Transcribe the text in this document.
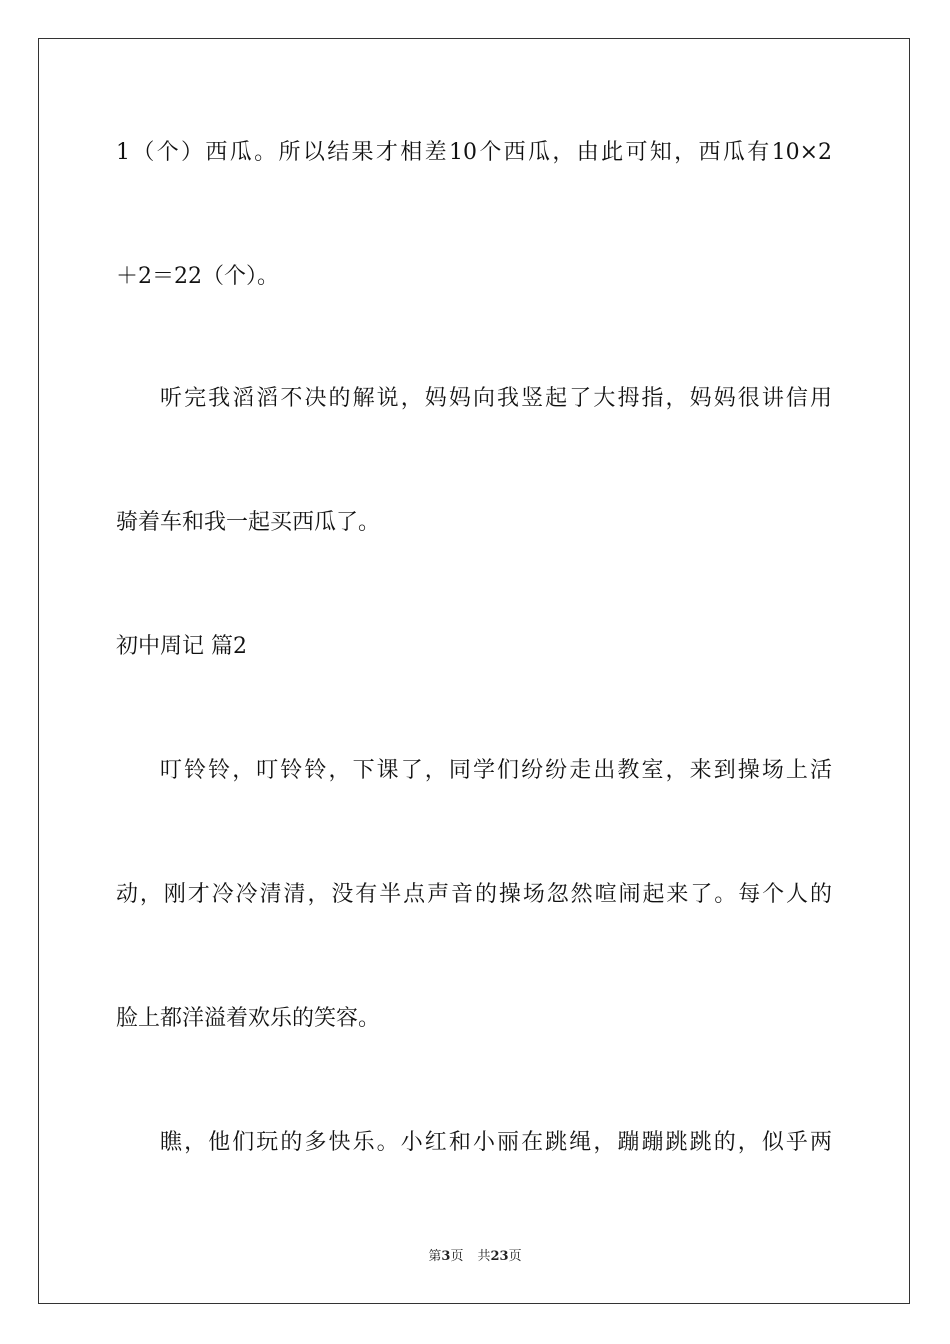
1（个）西瓜。所以结果才相差10个西瓜，由此可知，西瓜有10×2
＋2＝22（个）。
听完我滔滔不决的解说，妈妈向我竖起了大拇指，妈妈很讲信用
骑着车和我一起买西瓜了。
初中周记 篇2
叮铃铃，叮铃铃，下课了，同学们纷纷走出教室，来到操场上活
动，刚才冷冷清清，没有半点声音的操场忽然喧闹起来了。每个人的
脸上都洋溢着欢乐的笑容。
瞧，他们玩的多快乐。小红和小丽在跳绳，蹦蹦跳跳的，似乎两
第3页 共23页
